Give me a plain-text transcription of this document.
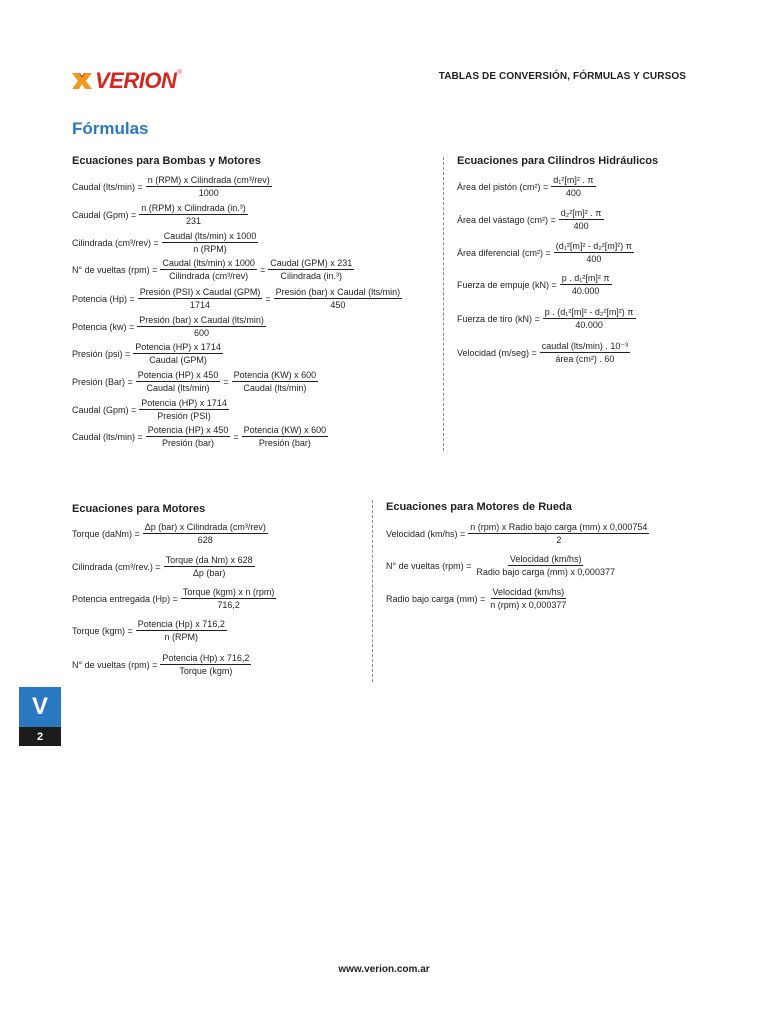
VERION ®	TABLAS DE CONVERSIÓN, FÓRMULAS Y CURSOS
Fórmulas
Ecuaciones para Bombas y Motores
Caudal $(lts/\min) = \frac{\text{n (RPM) x Cilindrada (cm³/rev)}}{1000}$
Caudal $(Gpm) = \frac{\text{n (RPM) x Cilindrada (in.³)}}{231}$
Cilindrada $(cm^3/rev) = \frac{\text{Caudal (lts/min) x 1000}}{\text{n (RPM)}}$
N° de vueltas $(rpm) = \frac{\text{Caudal (lts/min) x 1000}}{\text{Cilindrada (cm³/rev)}} = \frac{\text{Caudal (GPM) x 231}}{\text{Cilindrada (in.³)}}$
Potencia $(Hp) = \frac{\text{Presión (PSI) x Caudal (GPM)}}{1714} = \frac{\text{Presión (bar) x Caudal (lts/min)}}{450}$
Potencia $(kw) = \frac{\text{Presión (bar) x Caudal (lts/min)}}{600}$
Presión $(psi) = \frac{\text{Potencia (HP) x 1714}}{\text{Caudal (GPM)}}$
Presión $(Bar) = \frac{\text{Potencia (HP) x 450}}{\text{Caudal (lts/min)}} = \frac{\text{Potencia (KW) x 600}}{\text{Caudal (lts/min)}}$
Caudal $(Gpm) = \frac{\text{Potencia (HP) x 1714}}{\text{Presión (PSI)}}$
Caudal $(lts/\min) = \frac{\text{Potencia (HP) x 450}}{\text{Presión (bar)}} = \frac{\text{Potencia (KW) x 600}}{\text{Presión (bar)}}$
Ecuaciones para Cilindros Hidráulicos
Área del pistón $(cm^2) = \frac{\text{d₁²[m]² . π}}{400}$
Área del vástago $(cm^2) = \frac{\text{d₂²[m]² . π}}{400}$
Área diferencial $(cm^2) = \frac{\text{(d₁²[m]² - d₂²[m]²) π}}{400}$
Fuerza de empuje $(kN) = \frac{\text{p . d₁²[m]² π}}{40.000}$
Fuerza de tiro $(kN) = \frac{\text{p . (d₁²[m]² - d₂²[m]²) π}}{40.000}$
Velocidad $(m/seg) = \frac{\text{caudal (lts/min) . 10⁻³}}{\text{área (cm²) . 60}}$
Ecuaciones para Motores
Torque (daNm) = $\frac{\text{Δp (bar) x Cilindrada (cm³/rev)}}{628}$
Cilindrada $(cm^3/rev.) = \frac{\text{Torque (da Nm) x 628}}{\text{Δp (bar)}}$
Potencia entregada $(Hp) = \frac{\text{Torque (kgm) x n (rpm)}}{716,2}$
Torque $(kgm) = \frac{\text{Potencia (Hp) x 716,2}}{\text{n (RPM)}}$
N° de vueltas $(rpm) = \frac{\text{Potencia (Hp) x 716,2}}{\text{Torque (kgm)}}$
Ecuaciones para Motores de Rueda
Velocidad $(km/hs) = \frac{\text{n (rpm) x Radio bajo carga (mm) x 0,000754}}{2}$
N° de vueltas $(rpm) = \frac{\text{Velocidad (km/hs)}}{\text{Radio bajo carga (mm) x 0,000377}}$
Radio bajo carga $(mm) = \frac{\text{Velocidad (km/hs)}}{\text{n (rpm) x 0,000377}}$
V
2
www.verion.com.ar
